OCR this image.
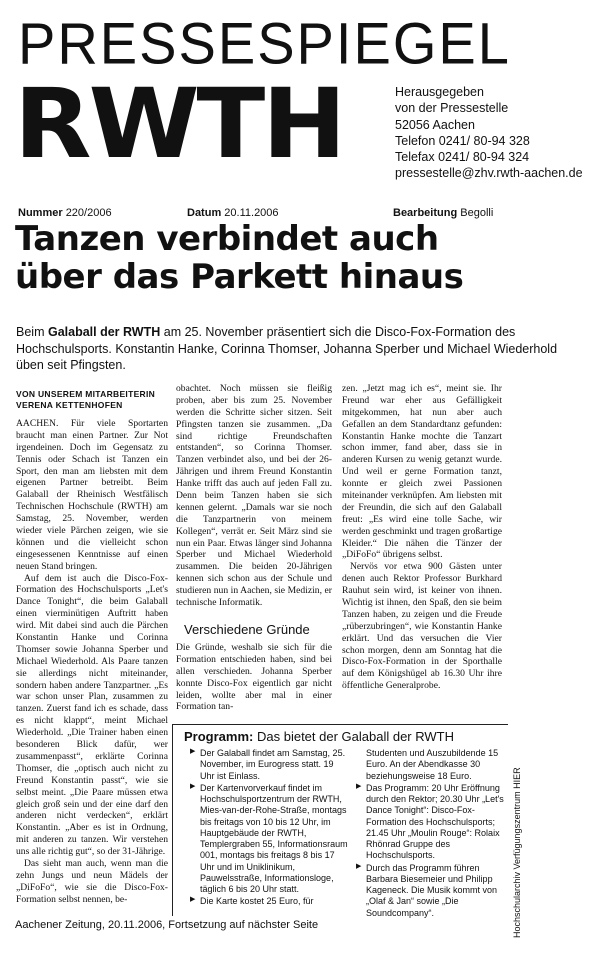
PRESSESPIEGEL
RWTH	Herausgegeben
von der Pressestelle
52056 Aachen
Telefon 0241/ 80-94 328
Telefax 0241/ 80-94 324
pressestelle@zhv.rwth-aachen.de
Nummer 220/2006	Datum 20.11.2006	Bearbeitung Begolli
Tanzen verbindet auch
über das Parkett hinaus
Beim Galaball der RWTH am 25. November präsentiert sich die Disco-Fox-Formation des Hochschulsports. Konstantin Hanke, Corinna Thomser, Johanna Sperber und Michael Wiederhold üben seit Pfingsten.
VON UNSEREM MITARBEITERIN
VERENA KETTENHOFEN

AACHEN. Für viele Sportarten braucht man einen Partner. Zur Not irgendeinen. Doch im Gegensatz zu Tennis oder Schach ist Tanzen ein Sport, den man am liebsten mit dem eigenen Partner betreibt. Beim Galaball der Rheinisch Westfälisch Technischen Hochschule (RWTH) am Samstag, 25. November, werden wieder viele Pärchen zeigen, wie sie können und die vielleicht schon eingesessenen Kenntnisse auf einen neuen Stand bringen.

Auf dem ist auch die Disco-Fox-Formation des Hochschulsports „Let's Dance Tonight“, die beim Galaball einen vierminütigen Auftritt haben wird. Mit dabei sind auch die Pärchen Konstantin Hanke und Corinna Thomser sowie Johanna Sperber und Michael Wiederhold. Als Paare tanzen sie allerdings nicht miteinander, sondern haben andere Tanzpartner. „Es war schon unser Plan, zusammen zu tanzen. Zuerst fand ich es schade, dass es nicht klappt“, meint Michael Wiederhold. „Die Trainer haben einen besonderen Blick dafür, wer zusammenpasst“, erklärte Corinna Thomser, die „optisch auch nicht zu Freund Konstantin passt“, wie sie selbst meint. „Die Paare müssen etwa gleich groß sein und der eine darf den anderen nicht verdecken“, erklärt Konstantin. „Aber es ist in Ordnung, mit anderen zu tanzen. Wir verstehen uns alle richtig gut“, so der 31-Jährige.

Das sieht man auch, wenn man die zehn Jungs und neun Mädels der „DiFoFo“, wie sie die Disco-Fox-Formation selbst nennen, be-

obachtet. Noch müssen sie fleißig proben, aber bis zum 25. November werden die Schritte sicher sitzen. Seit Pfingsten tanzen sie zusammen. „Da sind richtige Freundschaften entstanden“, so Corinna Thomser. Tanzen verbindet also, und bei der 26-Jährigen und ihrem Freund Konstantin Hanke trifft das auch auf jeden Fall zu. Denn beim Tanzen haben sie sich kennen gelernt. „Damals war sie noch die Tanzpartnerin von meinem Kollegen“, verrät er. Seit März sind sie nun ein Paar. Etwas länger sind Johanna Sperber und Michael Wiederhold zusammen. Die beiden 20-Jährigen kennen sich schon aus der Schule und studieren nun in Aachen, sie Medizin, er technische Informatik.

Verschiedene Gründe

Die Gründe, weshalb sie sich für die Formation entschieden haben, sind bei allen verschieden. Johanna Sperber konnte Disco-Fox eigentlich gar nicht leiden, wollte aber mal in einer Formation tan-

zen. „Jetzt mag ich es“, meint sie. Ihr Freund war eher aus Gefälligkeit mitgekommen, hat nun aber auch Gefallen an dem Standardtanz gefunden: Konstantin Hanke mochte die Tanzart schon immer, fand aber, dass sie in anderen Kursen zu wenig getanzt wurde. Und weil er gerne Formation tanzt, konnte er gleich zwei Passionen miteinander verknüpfen. Am liebsten mit der Freundin, die sich auf den Galaball freut: „Es wird eine tolle Sache, wir werden geschminkt und tragen großartige Kleider.“ Die nähen die Tänzer der „DiFoFo“ übrigens selbst.

Nervös vor etwa 900 Gästen unter denen auch Rektor Professor Burkhard Rauhut sein wird, ist keiner von ihnen. Wichtig ist ihnen, den Spaß, den sie beim Tanzen haben, zu zeigen und die Freude „rüberzubringen“, wie Konstantin Hanke erklärt. Und das versuchen die Vier schon morgen, denn am Sonntag hat die Disco-Fox-Formation in der Sporthalle auf dem Königshügel ab 16.30 Uhr ihre öffentliche Generalprobe.

Programm: Das bietet der Galaball der RWTH
▶ Der Galaball findet am Samstag, 25. November, im Eurogress statt. 19 Uhr ist Einlass.
▶ Der Kartenvorverkauf findet im Hochschulsportzentrum der RWTH, Mies-van-der-Rohe-Straße, montags bis freitags von 10 bis 12 Uhr, im Hauptgebäude der RWTH, Templergraben 55, Informationsraum 001, montags bis freitags 8 bis 17 Uhr und im Uniklinikum, Pauwelsstraße, Informationsloge, täglich 6 bis 20 Uhr statt.
▶ Die Karte kostet 25 Euro, für
Studenten und Auszubildende 15 Euro. An der Abendkasse 30 beziehungsweise 18 Euro.
▶ Das Programm: 20 Uhr Eröffnung durch den Rektor; 20.30 Uhr „Let's Dance Tonight“: Disco-Fox-Formation des Hochschulsports; 21.45 Uhr „Moulin Rouge“: Rolaix Rhönrad Gruppe des Hochschulsports.
▶ Durch das Programm führen Barbara Biesemeier und Philipp Kageneck. Die Musik kommt von „Olaf & Jan“ sowie „Die Soundcompany“.	Hochschularchiv Verfügungszentrum HIER
Aachener Zeitung, 20.11.2006, Fortsetzung auf nächster Seite
